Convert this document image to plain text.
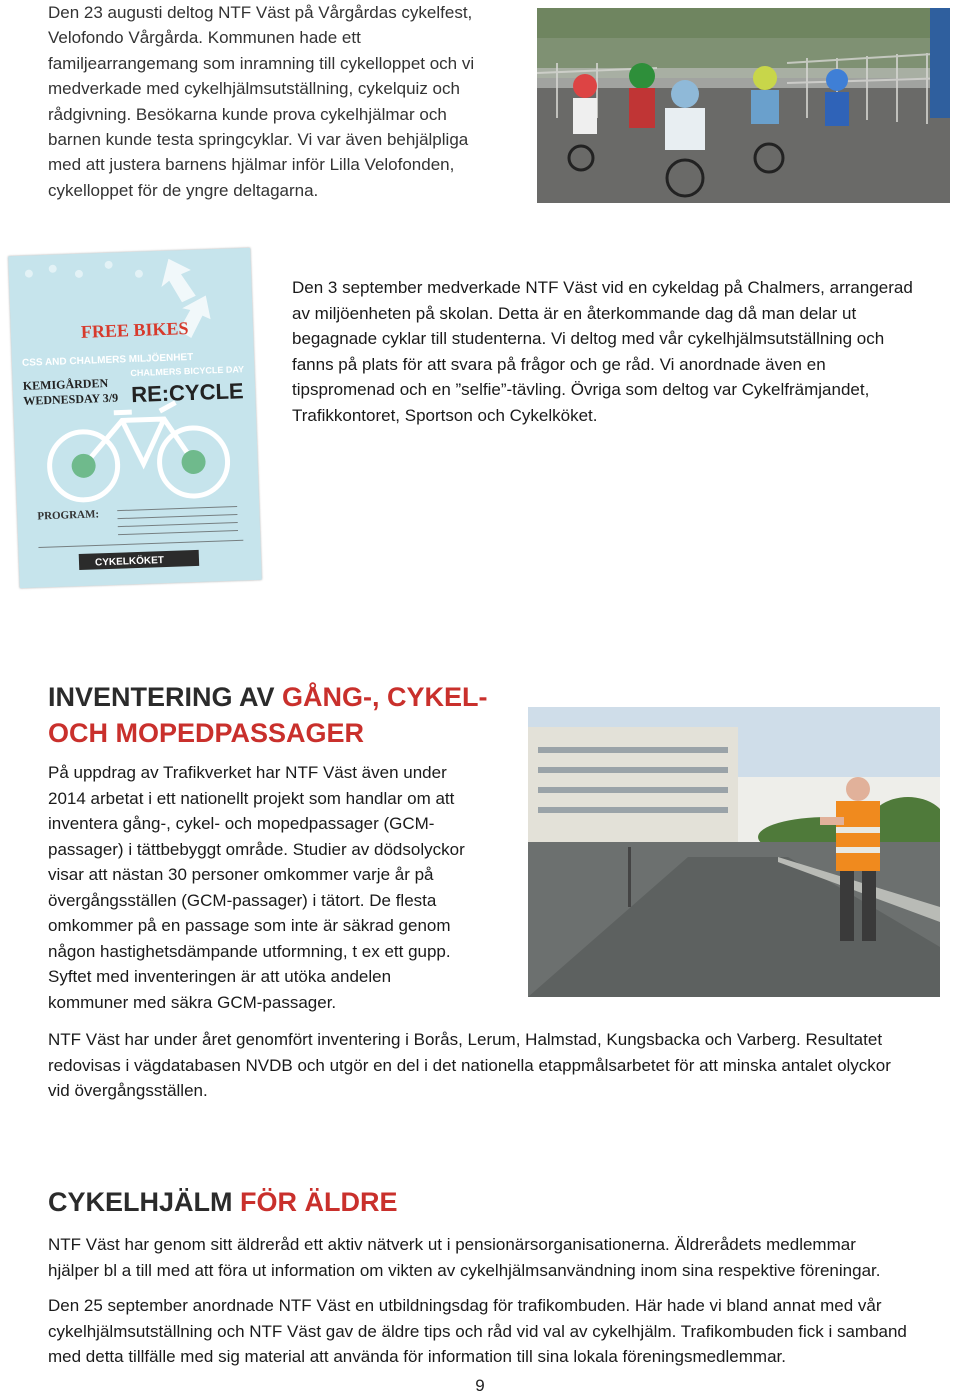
Den 23 augusti deltog NTF Väst på Vårgårdas cykelfest,
Velofondo Vårgårda. Kommunen hade ett
familjearrangemang som inramning till cykelloppet och vi
medverkade med cykelhjälmsutställning, cykelquiz och
rådgivning. Besökarna kunde prova cykelhjälmar och
barnen kunde testa springcyklar. Vi var även behjälpliga
med att justera barnens hjälmar inför Lilla Velofonden,
cykelloppet för de yngre deltagarna.
FREE BIKES
CSS AND CHALMERS MILJÖENHET
CHALMERS BICYCLE DAY
KEMIGÅRDEN
WEDNESDAY 3/9 RE:CYCLE
PROGRAM:
CYKELKÖKET
Den 3 september medverkade NTF Väst vid en cykeldag på Chalmers, arrangerad
av miljöenheten på skolan. Detta är en återkommande dag då man delar ut
begagnade cyklar till studenterna. Vi deltog med vår cykelhjälmsutställning och
fanns på plats för att svara på frågor och ge råd. Vi anordnade även en
tipspromenad och en ”selfie”-tävling. Övriga som deltog var Cykelfrämjandet,
Trafikkontoret, Sportson och Cykelköket.
INVENTERING AV GÅNG-, CYKEL-
OCH MOPEDPASSAGER
På uppdrag av Trafikverket har NTF Väst även under
2014 arbetat i ett nationellt projekt som handlar om att
inventera gång-, cykel- och mopedpassager (GCM-
passager) i tättbebyggt område. Studier av dödsolyckor
visar att nästan 30 personer omkommer varje år på
övergångsställen (GCM-passager) i tätort. De flesta
omkommer på en passage som inte är säkrad genom
någon hastighetsdämpande utformning, t ex ett gupp.
Syftet med inventeringen är att utöka andelen
kommuner med säkra GCM-passager.
NTF Väst har under året genomfört inventering i Borås, Lerum, Halmstad, Kungsbacka och Varberg. Resultatet
redovisas i vägdatabasen NVDB och utgör en del i det nationella etappmålsarbetet för att minska antalet olyckor
vid övergångsställen.
CYKELHJÄLM FÖR ÄLDRE
NTF Väst har genom sitt äldreråd ett aktiv nätverk ut i pensionärsorganisationerna. Äldrerådets medlemmar
hjälper bl a till med att föra ut information om vikten av cykelhjälmsanvändning inom sina respektive föreningar.
Den 25 september anordnade NTF Väst en utbildningsdag för trafikombuden. Här hade vi bland annat med vår
cykelhjälmsutställning och NTF Väst gav de äldre tips och råd vid val av cykelhjälm. Trafikombuden fick i samband
med detta tillfälle med sig material att använda för information till sina lokala föreningsmedlemmar.
9
